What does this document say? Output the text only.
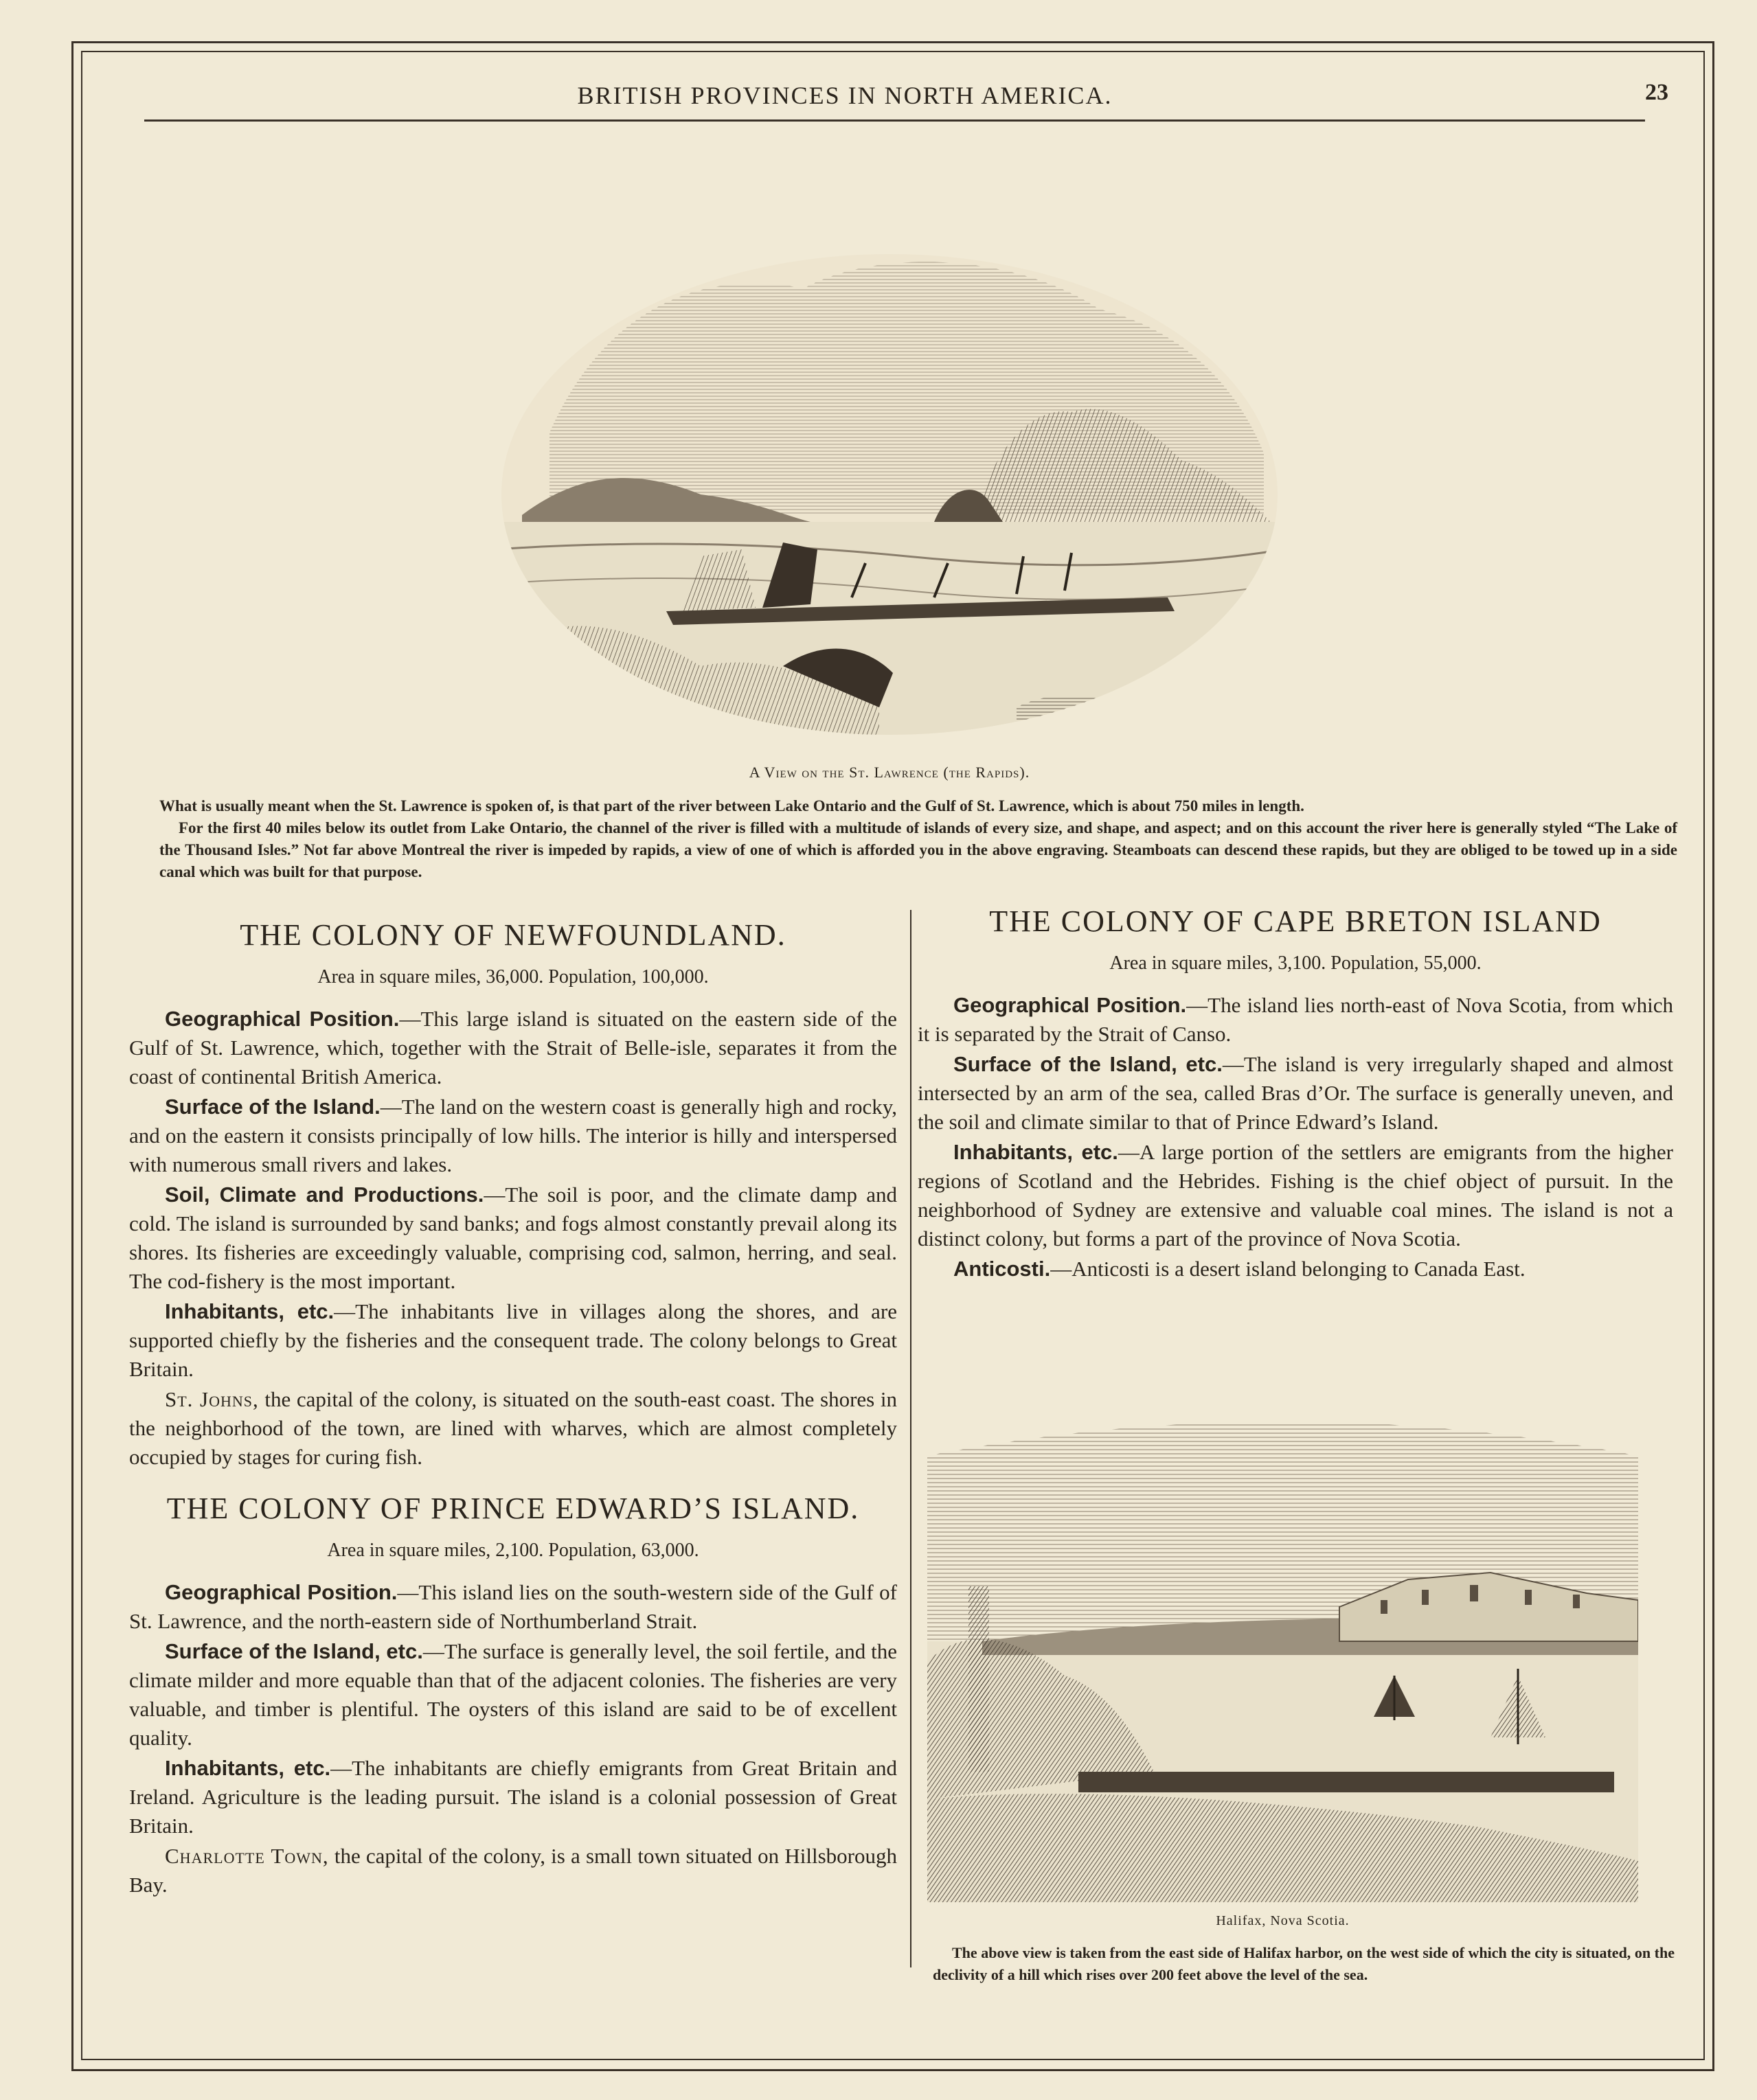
BRITISH PROVINCES IN NORTH AMERICA.	23
A View on the St. Lawrence (the Rapids).

What is usually meant when the St. Lawrence is spoken of, is that part of the river between Lake Ontario and the Gulf of St. Lawrence, which is about 750 miles in length.

For the first 40 miles below its outlet from Lake Ontario, the channel of the river is filled with a multitude of islands of every size, and shape, and aspect; and on this account the river here is generally styled “The Lake of the Thousand Isles.” Not far above Montreal the river is impeded by rapids, a view of one of which is afforded you in the above engraving. Steamboats can descend these rapids, but they are obliged to be towed up in a side canal which was built for that purpose.

THE COLONY OF NEWFOUNDLAND.
Area in square miles, 36,000. Population, 100,000.

Geographical Position.—This large island is situated on the eastern side of the Gulf of St. Lawrence, which, together with the Strait of Belle-isle, separates it from the coast of continental British America.

Surface of the Island.—The land on the western coast is generally high and rocky, and on the eastern it consists principally of low hills. The interior is hilly and interspersed with numerous small rivers and lakes.

Soil, Climate and Productions.—The soil is poor, and the climate damp and cold. The island is surrounded by sand banks; and fogs almost constantly prevail along its shores. Its fisheries are exceedingly valuable, comprising cod, salmon, herring, and seal. The cod-fishery is the most important.

Inhabitants, etc.—The inhabitants live in villages along the shores, and are supported chiefly by the fisheries and the consequent trade. The colony belongs to Great Britain.

St. Johns, the capital of the colony, is situated on the south-east coast. The shores in the neighborhood of the town, are lined with wharves, which are almost completely occupied by stages for curing fish.

THE COLONY OF PRINCE EDWARD’S ISLAND.
Area in square miles, 2,100. Population, 63,000.

Geographical Position.—This island lies on the south-western side of the Gulf of St. Lawrence, and the north-eastern side of Northumberland Strait.

Surface of the Island, etc.—The surface is generally level, the soil fertile, and the climate milder and more equable than that of the adjacent colonies. The fisheries are very valuable, and timber is plentiful. The oysters of this island are said to be of excellent quality.

Inhabitants, etc.—The inhabitants are chiefly emigrants from Great Britain and Ireland. Agriculture is the leading pursuit. The island is a colonial possession of Great Britain.

Charlotte Town, the capital of the colony, is a small town situated on Hillsborough Bay.

THE COLONY OF CAPE BRETON ISLAND
Area in square miles, 3,100. Population, 55,000.

Geographical Position.—The island lies north-east of Nova Scotia, from which it is separated by the Strait of Canso.

Surface of the Island, etc.—The island is very irregularly shaped and almost intersected by an arm of the sea, called Bras d’Or. The surface is generally uneven, and the soil and climate similar to that of Prince Edward’s Island.

Inhabitants, etc.—A large portion of the settlers are emigrants from the higher regions of Scotland and the Hebrides. Fishing is the chief object of pursuit. In the neighborhood of Sydney are extensive and valuable coal mines. The island is not a distinct colony, but forms a part of the province of Nova Scotia.

Anticosti.—Anticosti is a desert island belonging to Canada East.

Halifax, Nova Scotia.
The above view is taken from the east side of Halifax harbor, on the west side of which the city is situated, on the declivity of a hill which rises over 200 feet above the level of the sea.
